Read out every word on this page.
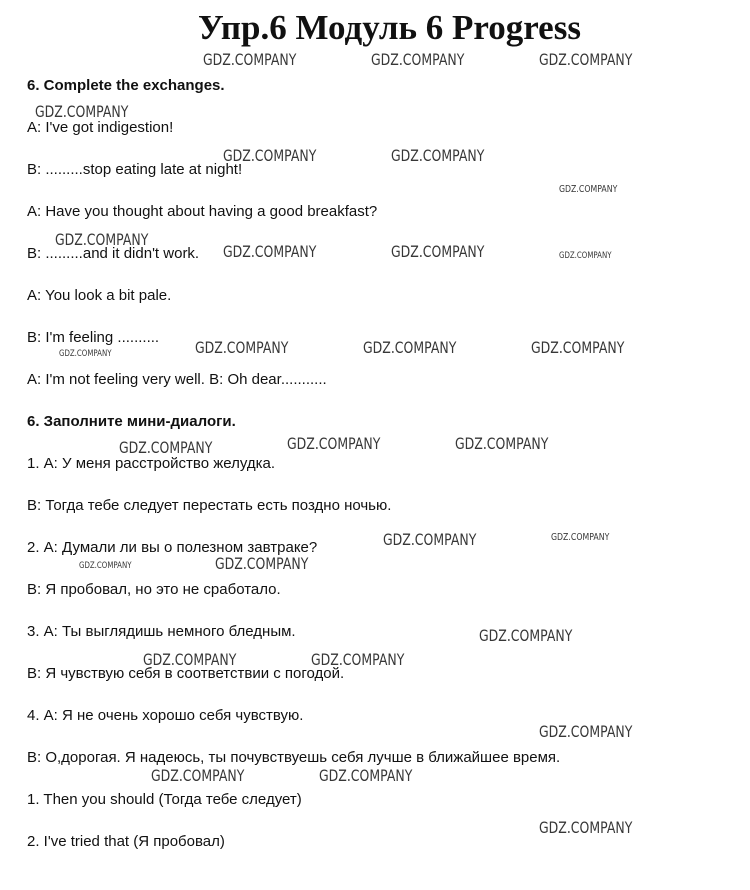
Упр.6 Модуль 6 Progress
6. Complete the exchanges.
A: I've got indigestion!
B: .........stop eating late at night!
A: Have you thought about having a good breakfast?
B: .........and it didn't work.
A: You look a bit pale.
B: I'm feeling ..........
A: I'm not feeling very well. B: Oh dear...........
6. Заполните мини-диалоги.
1. А: У меня расстройство желудка.
В: Тогда тебе следует перестать есть поздно ночью.
2. А: Думали ли вы о полезном завтраке?
В: Я пробовал, но это не сработало.
3. А: Ты выглядишь немного бледным.
В: Я чувствую себя в соответствии с погодой.
4. А: Я не очень хорошо себя чувствую.
В: О,дорогая. Я надеюсь, ты почувствуешь себя лучше в ближайшее время.
1. Then you should (Тогда тебе следует)
2. I've tried that (Я пробовал)
GDZ.COMPANY	GDZ.COMPANY	GDZ.COMPANY
GDZ.COMPANY
GDZ.COMPANY	GDZ.COMPANY
GDZ.COMPANY
GDZ.COMPANY
GDZ.COMPANY	GDZ.COMPANY	GDZ.COMPANY
GDZ.COMPANY	GDZ.COMPANY	GDZ.COMPANY
GDZ.COMPANY
GDZ.COMPANY	GDZ.COMPANY	GDZ.COMPANY
GDZ.COMPANY	GDZ.COMPANY
GDZ.COMPANY	GDZ.COMPANY
GDZ.COMPANY
GDZ.COMPANY	GDZ.COMPANY
GDZ.COMPANY
GDZ.COMPANY	GDZ.COMPANY
GDZ.COMPANY
